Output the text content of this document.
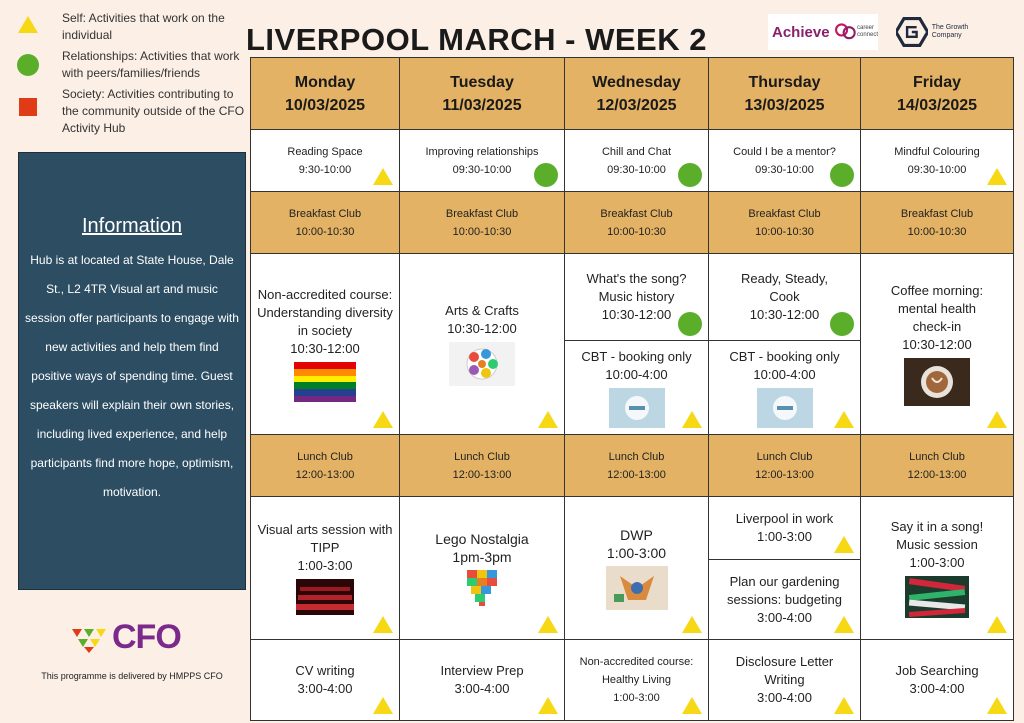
Self: Activities that work on the individual
Relationships: Activities that work with peers/families/friends
Society: Activities contributing to the community outside of the CFO Activity Hub
Information
Hub is at located at State House, Dale St., L2 4TR Visual art and music session offer participants to engage with new activities and help them find positive ways of spending time. Guest speakers will explain their own stories, including lived experience, and help participants find more hope, optimism, motivation.
CFO
This programme is delivered by HMPPS CFO
LIVERPOOL MARCH - WEEK 2	Achieve	career connect
The Growth Company
Monday
10/03/2025
Reading Space
9:30-10:00
Breakfast Club
10:00-10:30
Non-accredited course: Understanding diversity in society
10:30-12:00
Lunch Club
12:00-13:00
Visual arts session with TIPP
1:00-3:00
CV writing
3:00-4:00
Tuesday
11/03/2025
Improving relationships
09:30-10:00
Breakfast Club
10:00-10:30
Arts & Crafts
10:30-12:00
Lunch Club
12:00-13:00
Lego Nostalgia
1pm-3pm
Interview Prep
3:00-4:00
Wednesday
12/03/2025
Chill and Chat
09:30-10:00
Breakfast Club
10:00-10:30
What's the song? Music history
10:30-12:00
CBT - booking only
10:00-4:00
Lunch Club
12:00-13:00
DWP
1:00-3:00
Non-accredited course: Healthy Living
1:00-3:00
Thursday
13/03/2025
Could I be a mentor?
09:30-10:00
Breakfast Club
10:00-10:30
Ready, Steady, Cook
10:30-12:00
CBT - booking only
10:00-4:00
Lunch Club
12:00-13:00
Liverpool in work
1:00-3:00
Plan our gardening sessions: budgeting
3:00-4:00
Disclosure Letter Writing
3:00-4:00
Friday
14/03/2025
Mindful Colouring
09:30-10:00
Breakfast Club
10:00-10:30
Coffee morning: mental health check-in
10:30-12:00
Lunch Club
12:00-13:00
Say it in a song! Music session
1:00-3:00
Job Searching
3:00-4:00
